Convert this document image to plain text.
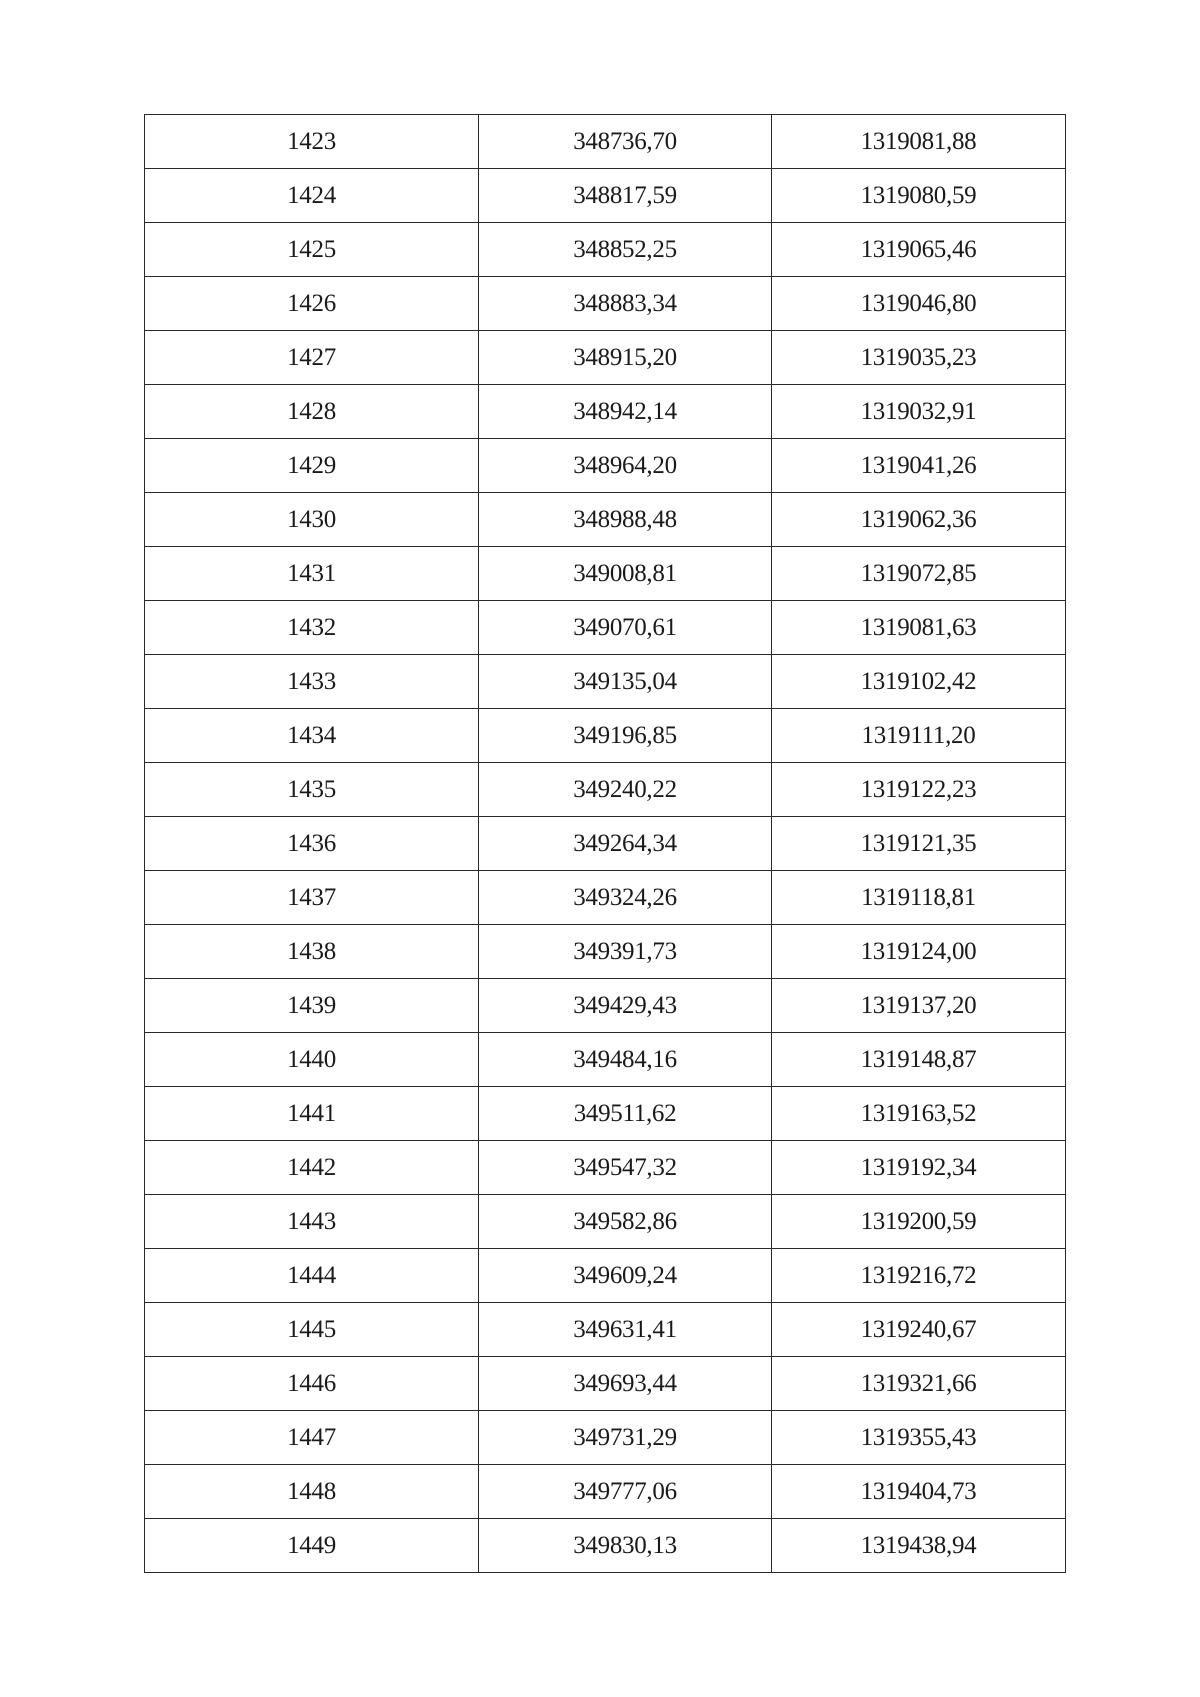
1423	348736,70	1319081,88
1424	348817,59	1319080,59
1425	348852,25	1319065,46
1426	348883,34	1319046,80
1427	348915,20	1319035,23
1428	348942,14	1319032,91
1429	348964,20	1319041,26
1430	348988,48	1319062,36
1431	349008,81	1319072,85
1432	349070,61	1319081,63
1433	349135,04	1319102,42
1434	349196,85	1319111,20
1435	349240,22	1319122,23
1436	349264,34	1319121,35
1437	349324,26	1319118,81
1438	349391,73	1319124,00
1439	349429,43	1319137,20
1440	349484,16	1319148,87
1441	349511,62	1319163,52
1442	349547,32	1319192,34
1443	349582,86	1319200,59
1444	349609,24	1319216,72
1445	349631,41	1319240,67
1446	349693,44	1319321,66
1447	349731,29	1319355,43
1448	349777,06	1319404,73
1449	349830,13	1319438,94
